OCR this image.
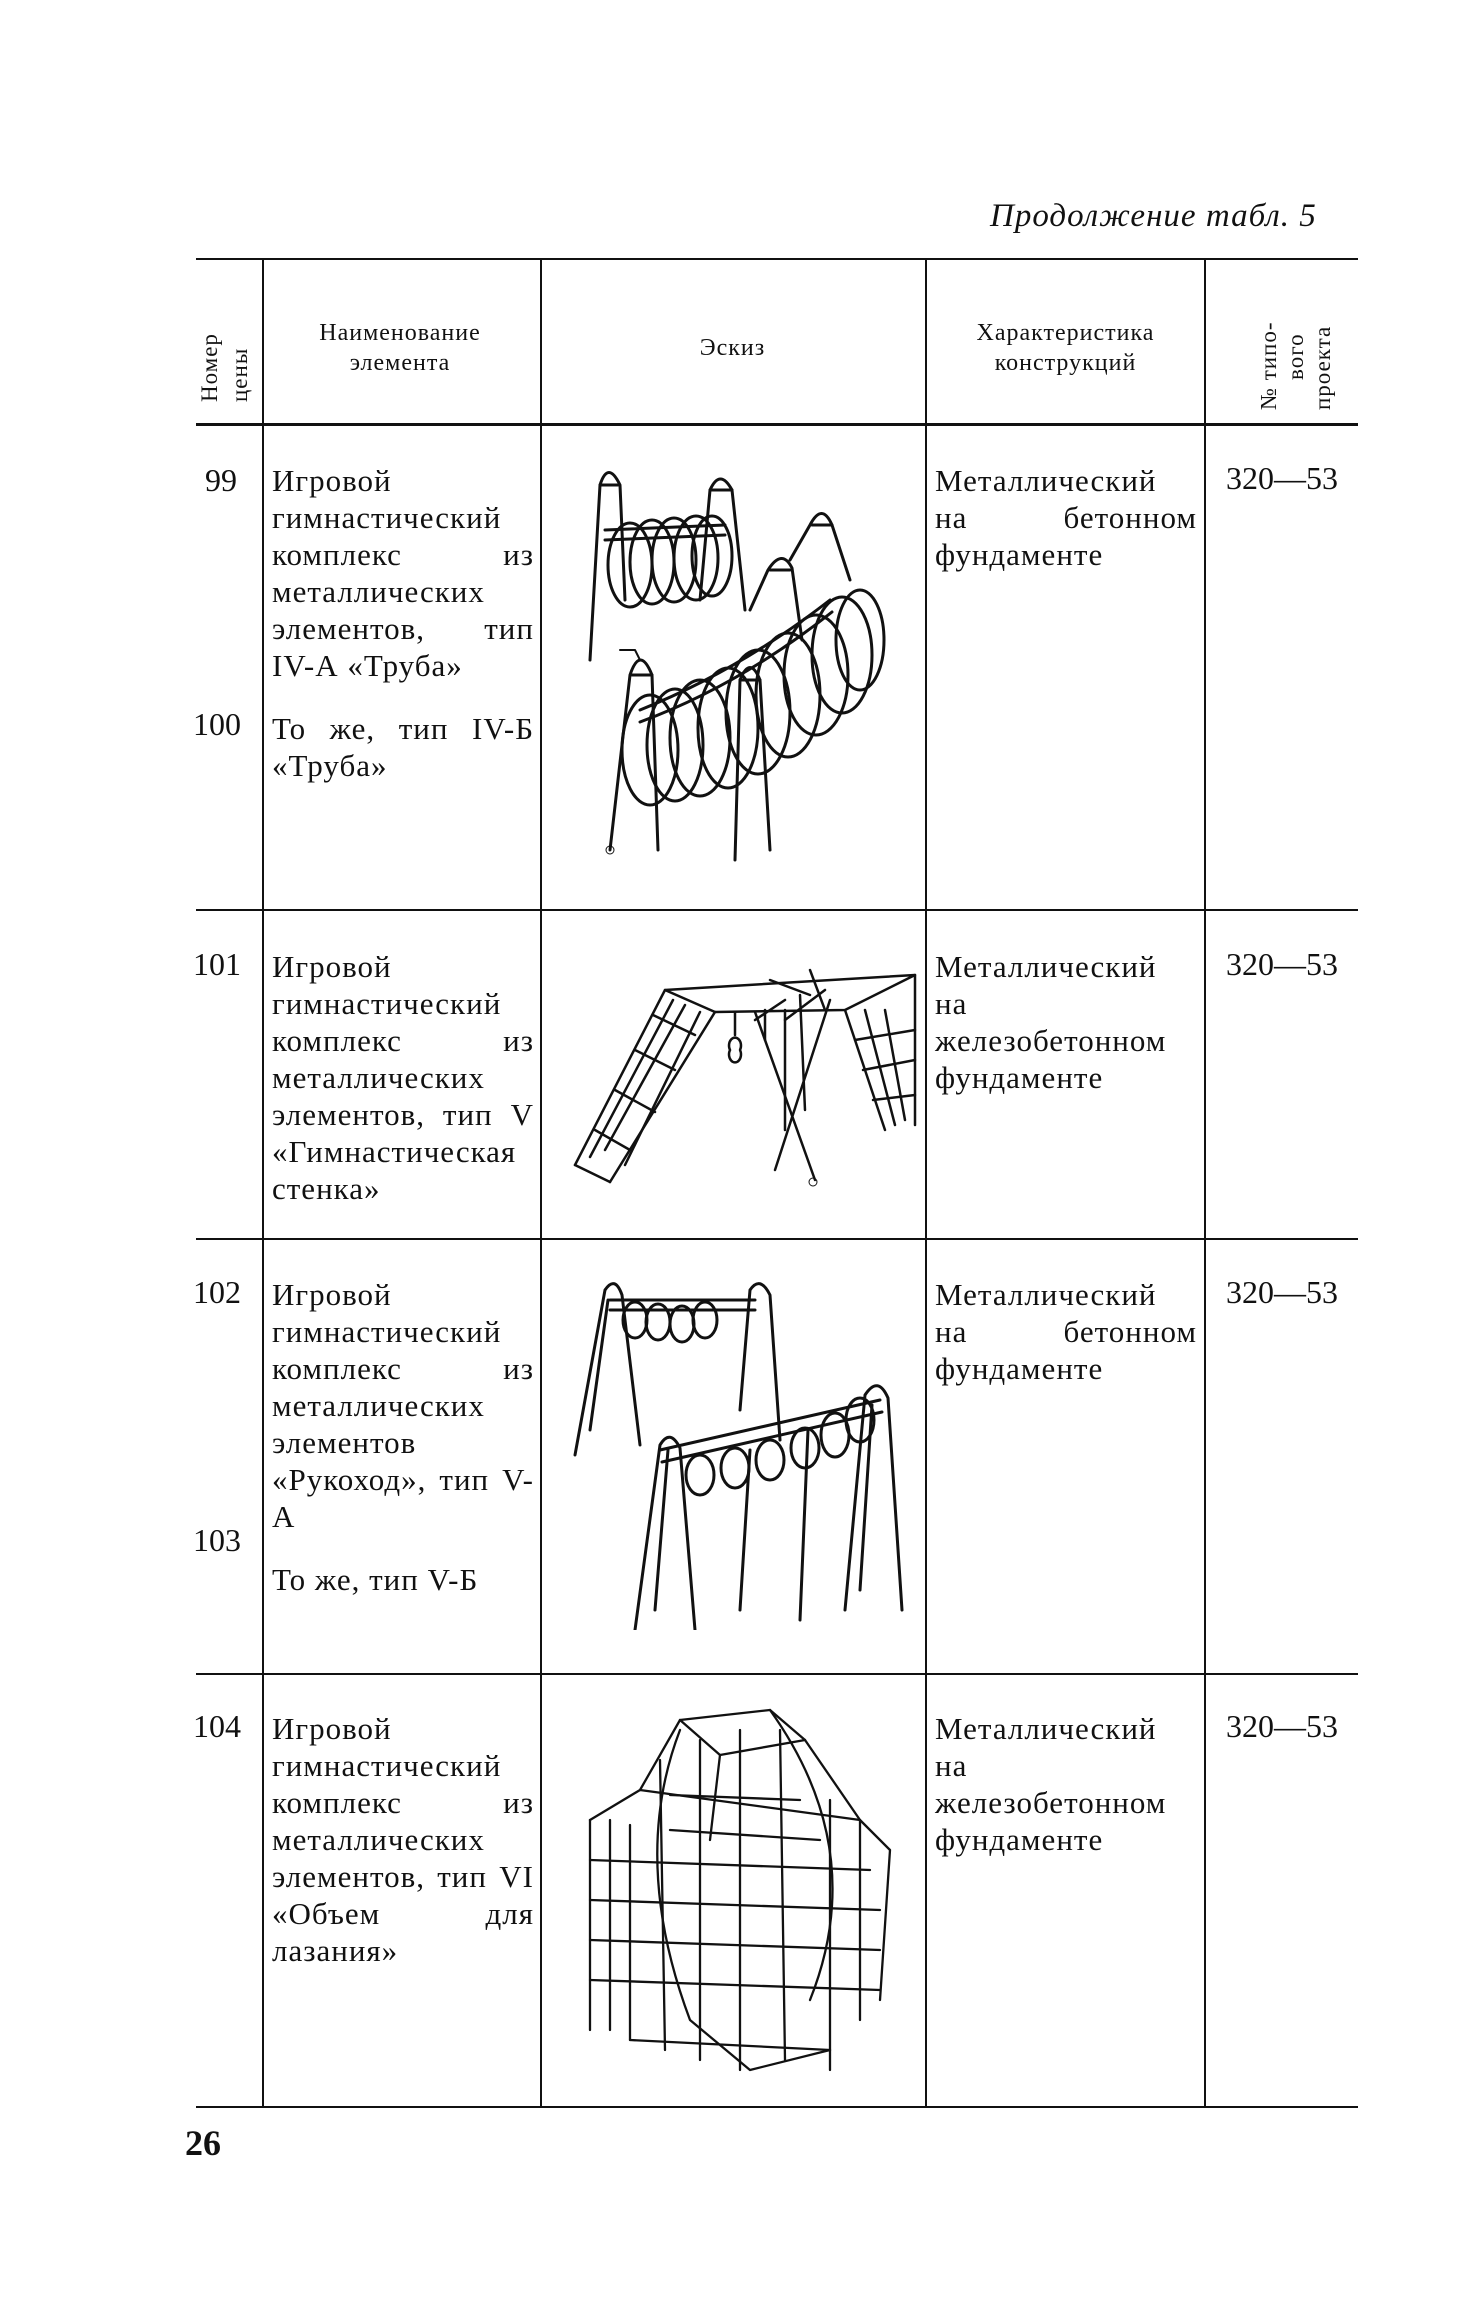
Продолжение табл. 5
Номер цены
Наименование элемента
Эскиз
Характеристика конструкций	№ типо- вого проекта
99
100

Игровой гимнастический комплекс из металлических элементов, тип IV-А «Труба»

То же, тип IV-Б «Труба»

Металлический на бетонном фундаменте
320—53
101 Игровой гимнастический комплекс из металлических элементов, тип V «Гимнастическая стенка»

Металлический на железобетонном фундаменте
320—53
102
103

Игровой гимнастический комплекс из металлических элементов «Рукоход», тип V-А

То же, тип V-Б

Металлический на бетонном фундаменте
320—53
104 Игровой гимнастический комплекс из металлических элементов, тип VI «Объем для лазания»

Металлический на железобетонном фундаменте
320—53
26
